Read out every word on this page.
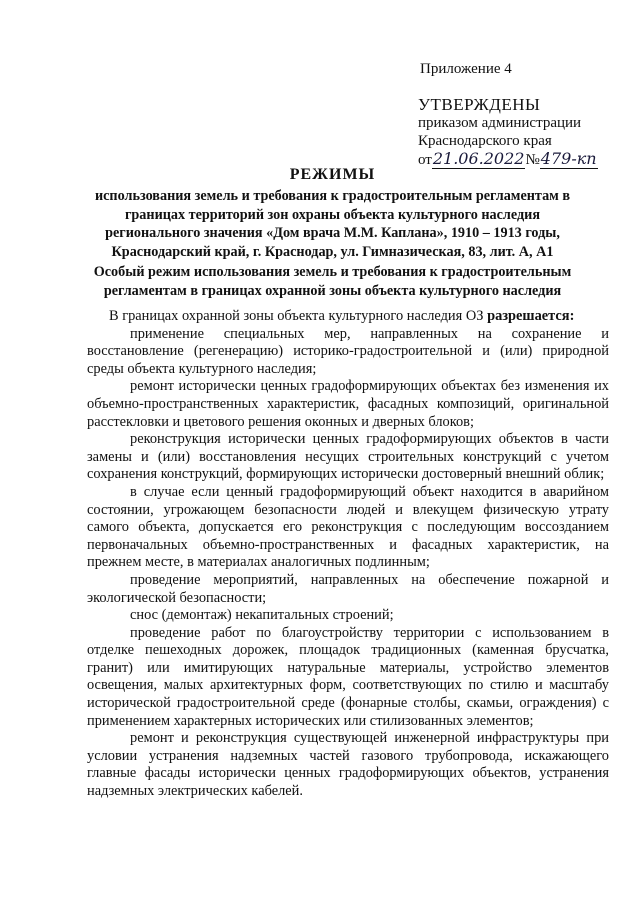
Приложение 4
УТВЕРЖДЕНЫ
приказом администрации
Краснодарского края
от21.06.2022№479-кп
РЕЖИМЫ
использования земель и требования к градостроительным регламентам в
границах территорий зон охраны объекта культурного наследия
регионального значения «Дом врача М.М. Каплана», 1910 – 1913 годы,
Краснодарский край, г. Краснодар, ул. Гимназическая, 83, лит. А, А1
Особый режим использования земель и требования к градостроительным
регламентам в границах охранной зоны объекта культурного наследия

В границах охранной зоны объекта культурного наследия ОЗ разрешается:

применение специальных мер, направленных на сохранение и восстановление (регенерацию) историко-градостроительной и (или) природной среды объекта культурного наследия;

ремонт исторически ценных градоформирующих объектах без изменения их объемно-пространственных характеристик, фасадных композиций, оригинальной расстекловки и цветового решения оконных и дверных блоков;

реконструкция исторически ценных градоформирующих объектов в части замены и (или) восстановления несущих строительных конструкций с учетом сохранения конструкций, формирующих исторически достоверный внешний облик;

в случае если ценный градоформирующий объект находится в аварийном состоянии, угрожающем безопасности людей и влекущем физическую утрату самого объекта, допускается его реконструкция с последующим воссозданием первоначальных объемно-пространственных и фасадных характеристик, на прежнем месте, в материалах аналогичных подлинным;

проведение мероприятий, направленных на обеспечение пожарной и экологической безопасности;

снос (демонтаж) некапитальных строений;

проведение работ по благоустройству территории с использованием в отделке пешеходных дорожек, площадок традиционных (каменная брусчатка, гранит) или имитирующих натуральные материалы, устройство элементов освещения, малых архитектурных форм, соответствующих по стилю и масштабу исторической градостроительной среде (фонарные столбы, скамьи, ограждения) с применением характерных исторических или стилизованных элементов;

ремонт и реконструкция существующей инженерной инфраструктуры при условии устранения надземных частей газового трубопровода, искажающего главные фасады исторически ценных градоформирующих объектов, устранения надземных электрических кабелей.
